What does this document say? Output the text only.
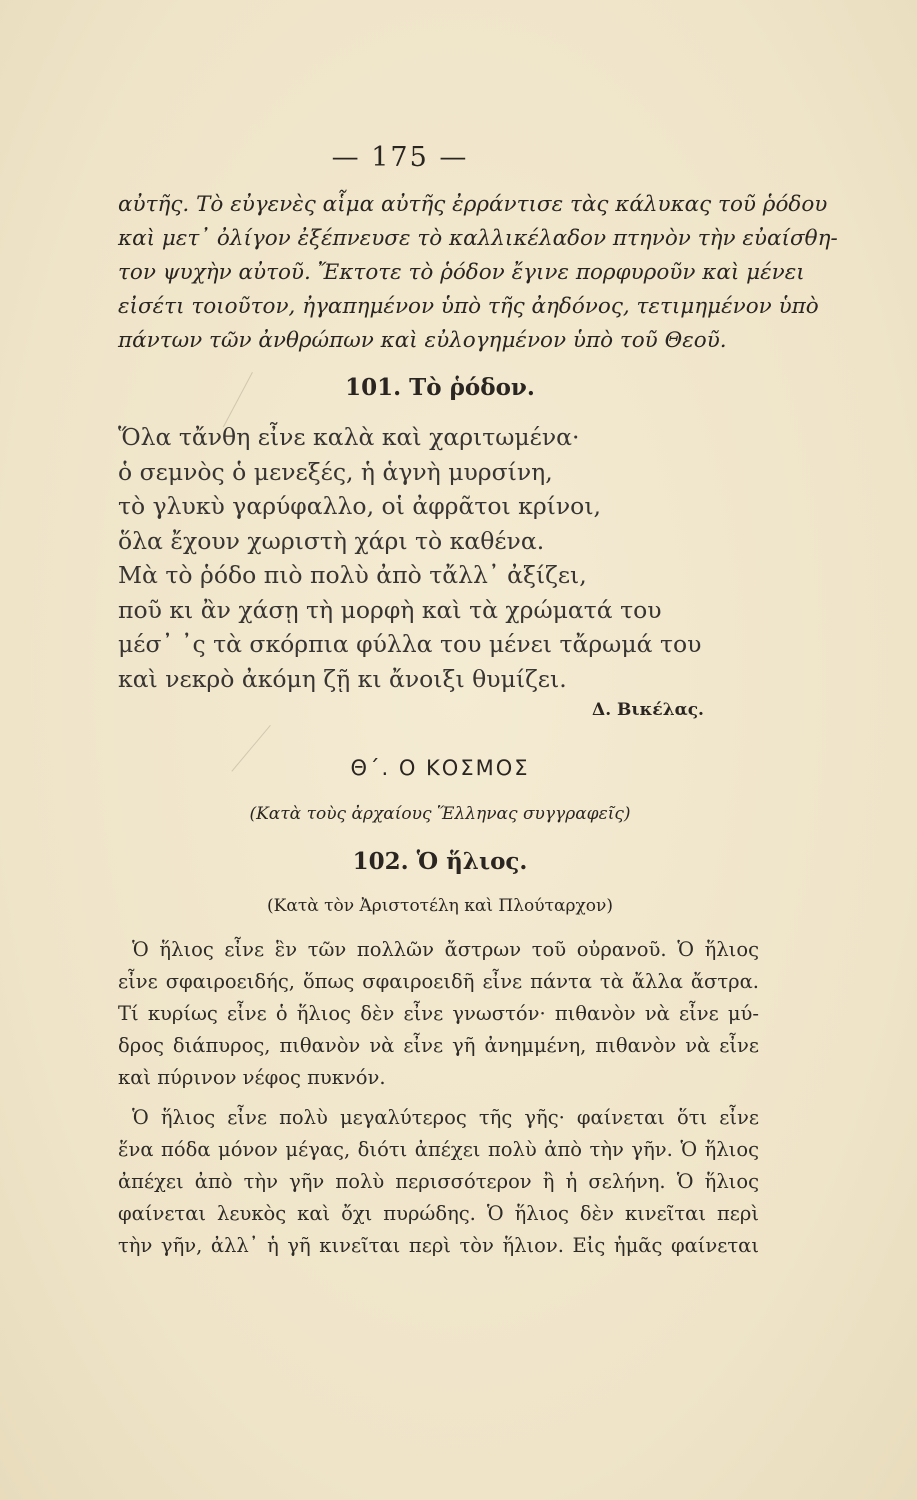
— 175 —
αὐτῆς. Τὸ εὐγενὲς αἷμα αὐτῆς ἐρράντισε τὰς κάλυκας τοῦ ῥόδου
καὶ μετ᾽ ὀλίγον ἐξέπνευσε τὸ καλλικέλαδον πτηνὸν τὴν εὐαίσθη-
τον ψυχὴν αὐτοῦ. Ἔκτοτε τὸ ῥόδον ἔγινε πορφυροῦν καὶ μένει
εἰσέτι τοιοῦτον, ἠγαπημένον ὑπὸ τῆς ἀηδόνος, τετιμημένον ὑπὸ
πάντων τῶν ἀνθρώπων καὶ εὐλογημένον ὑπὸ τοῦ Θεοῦ.
101. Τὸ ῥόδον.
Ὅλα τἄνθη εἶνε καλὰ καὶ χαριτωμένα·
ὁ σεμνὸς ὁ μενεξές, ἡ ἁγνὴ μυρσίνη,
τὸ γλυκὺ γαρύφαλλο, οἱ ἀφρᾶτοι κρίνοι,
ὅλα ἔχουν χωριστὴ χάρι τὸ καθένα.
Μὰ τὸ ῥόδο πιὸ πολὺ ἀπὸ τἄλλ᾽ ἀξίζει,
ποῦ κι ἂν χάσῃ τὴ μορφὴ καὶ τὰ χρώματά του
μέσ᾽ ᾽ς τὰ σκόρπια φύλλα του μένει τἄρωμά του
καὶ νεκρὸ ἀκόμη ζῇ κι ἄνοιξι θυμίζει.
Δ. Βικέλας.
Θ΄. Ο ΚΟΣΜΟΣ
(Κατὰ τοὺς ἀρχαίους Ἕλληνας συγγραφεῖς)
102. Ὁ ἥλιος.
(Κατὰ τὸν Ἀριστοτέλη καὶ Πλούταρχον)
Ὁ ἥλιος εἶνε ἓν τῶν πολλῶν ἄστρων τοῦ οὐρανοῦ. Ὁ ἥλιος
εἶνε σφαιροειδής, ὅπως σφαιροειδῆ εἶνε πάντα τὰ ἄλλα ἄστρα.
Τί κυρίως εἶνε ὁ ἥλιος δὲν εἶνε γνωστόν· πιθανὸν νὰ εἶνε μύ-
δρος διάπυρος, πιθανὸν νὰ εἶνε γῆ ἀνημμένη, πιθανὸν νὰ εἶνε
καὶ πύρινον νέφος πυκνόν.
Ὁ ἥλιος εἶνε πολὺ μεγαλύτερος τῆς γῆς· φαίνεται ὅτι εἶνε
ἕνα πόδα μόνον μέγας, διότι ἀπέχει πολὺ ἀπὸ τὴν γῆν. Ὁ ἥλιος
ἀπέχει ἀπὸ τὴν γῆν πολὺ περισσότερον ἢ ἡ σελήνη. Ὁ ἥλιος
φαίνεται λευκὸς καὶ ὄχι πυρώδης. Ὁ ἥλιος δὲν κινεῖται περὶ
τὴν γῆν, ἀλλ᾽ ἡ γῆ κινεῖται περὶ τὸν ἥλιον. Εἰς ἡμᾶς φαίνεται
